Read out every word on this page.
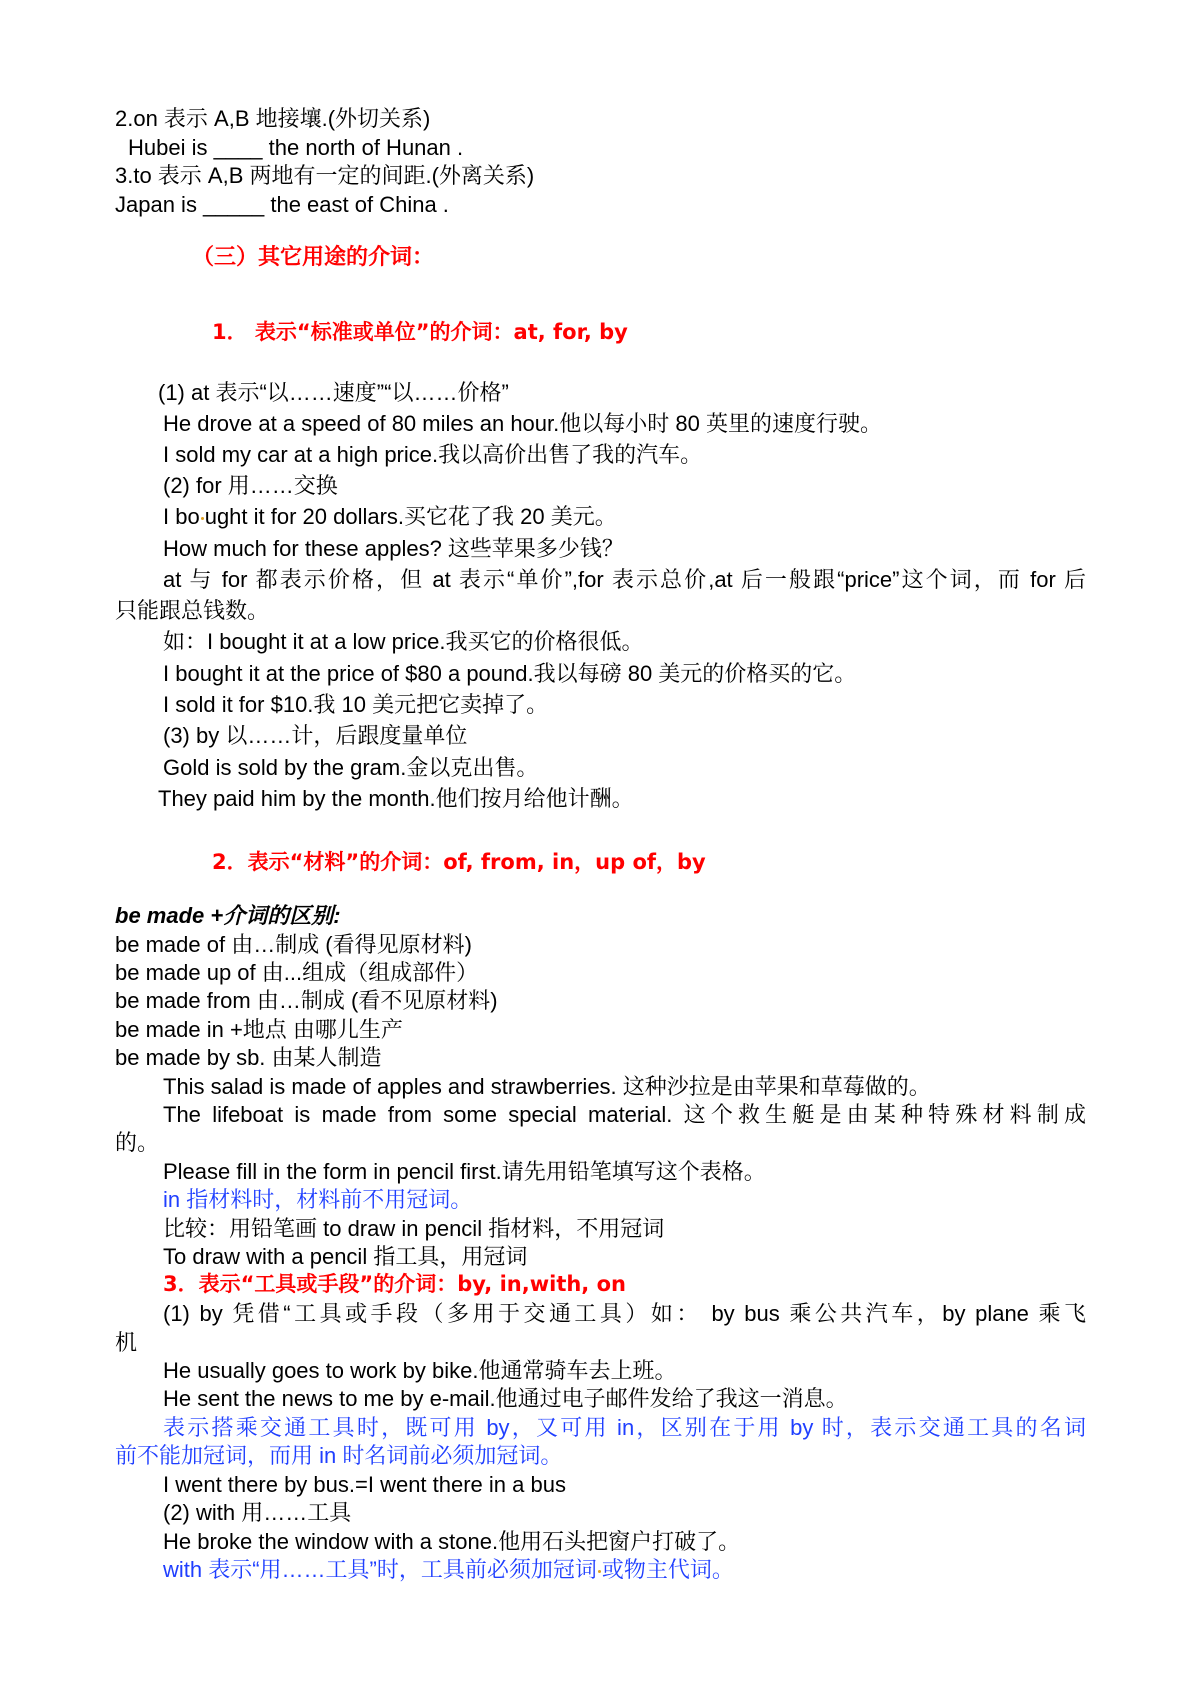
2.on 表示 A,B 地接壤.(外切关系)
Hubei is ____ the north of Hunan .
3.to 表示 A,B 两地有一定的间距.(外离关系)
Japan is _____ the east of China .
（三）其它用途的介词：
1． 表示“标准或单位”的介词：at, for, by
(1) at 表示“以……速度”“以……价格”
He drove at a speed of 80 miles an hour.他以每小时 80 英里的速度行驶。
I sold my car at a high price.我以高价出售了我的汽车。
(2) for 用……交换
I bo ught it for 20 dollars.买它花了我 20 美元。
How much for these apples? 这些苹果多少钱？
at 与 for 都表示价格，但 at 表示“单价”,for 表示总价,at 后一般跟“price”这个词，而 for 后
只能跟总钱数。
如：I bought it at a low price.我买它的价格很低。
I bought it at the price of $80 a pound.我以每磅 80 美元的价格买的它。
I sold it for $10.我 10 美元把它卖掉了。
(3) by 以……计，后跟度量单位
Gold is sold by the gram.金以克出售。
They paid him by the month.他们按月给他计酬。
2．表示“材料”的介词：of, from, in，up of，by
be made +介词的区别:
be made of 由…制成 (看得见原材料)
be made up of 由...组成（组成部件）
be made from 由…制成 (看不见原材料)
be made in +地点 由哪儿生产
be made by sb. 由某人制造
This salad is made of apples and strawberries. 这种沙拉是由苹果和草莓做的。
The lifeboat is made from some special material. 这个救生艇是由某种特殊材料制成
的。
Please fill in the form in pencil first.请先用铅笔填写这个表格。
in 指材料时，材料前不用冠词。
比较：用铅笔画 to draw in pencil 指材料，不用冠词
To draw with a pencil 指工具，用冠词
3．表示“工具或手段”的介词：by, in,with, on
(1) by 凭借“工具或手段（多用于交通工具）如： by bus 乘公共汽车，by plane 乘飞
机
He usually goes to work by bike.他通常骑车去上班。
He sent the news to me by e-mail.他通过电子邮件发给了我这一消息。
表示搭乘交通工具时，既可用 by，又可用 in，区别在于用 by 时，表示交通工具的名词
前不能加冠词，而用 in 时名词前必须加冠词。
I went there by bus.=I went there in a bus
(2) with 用……工具
He broke the window with a stone.他用石头把窗户打破了。
with 表示“用……工具”时，工具前必须加冠词 或物主代词。
